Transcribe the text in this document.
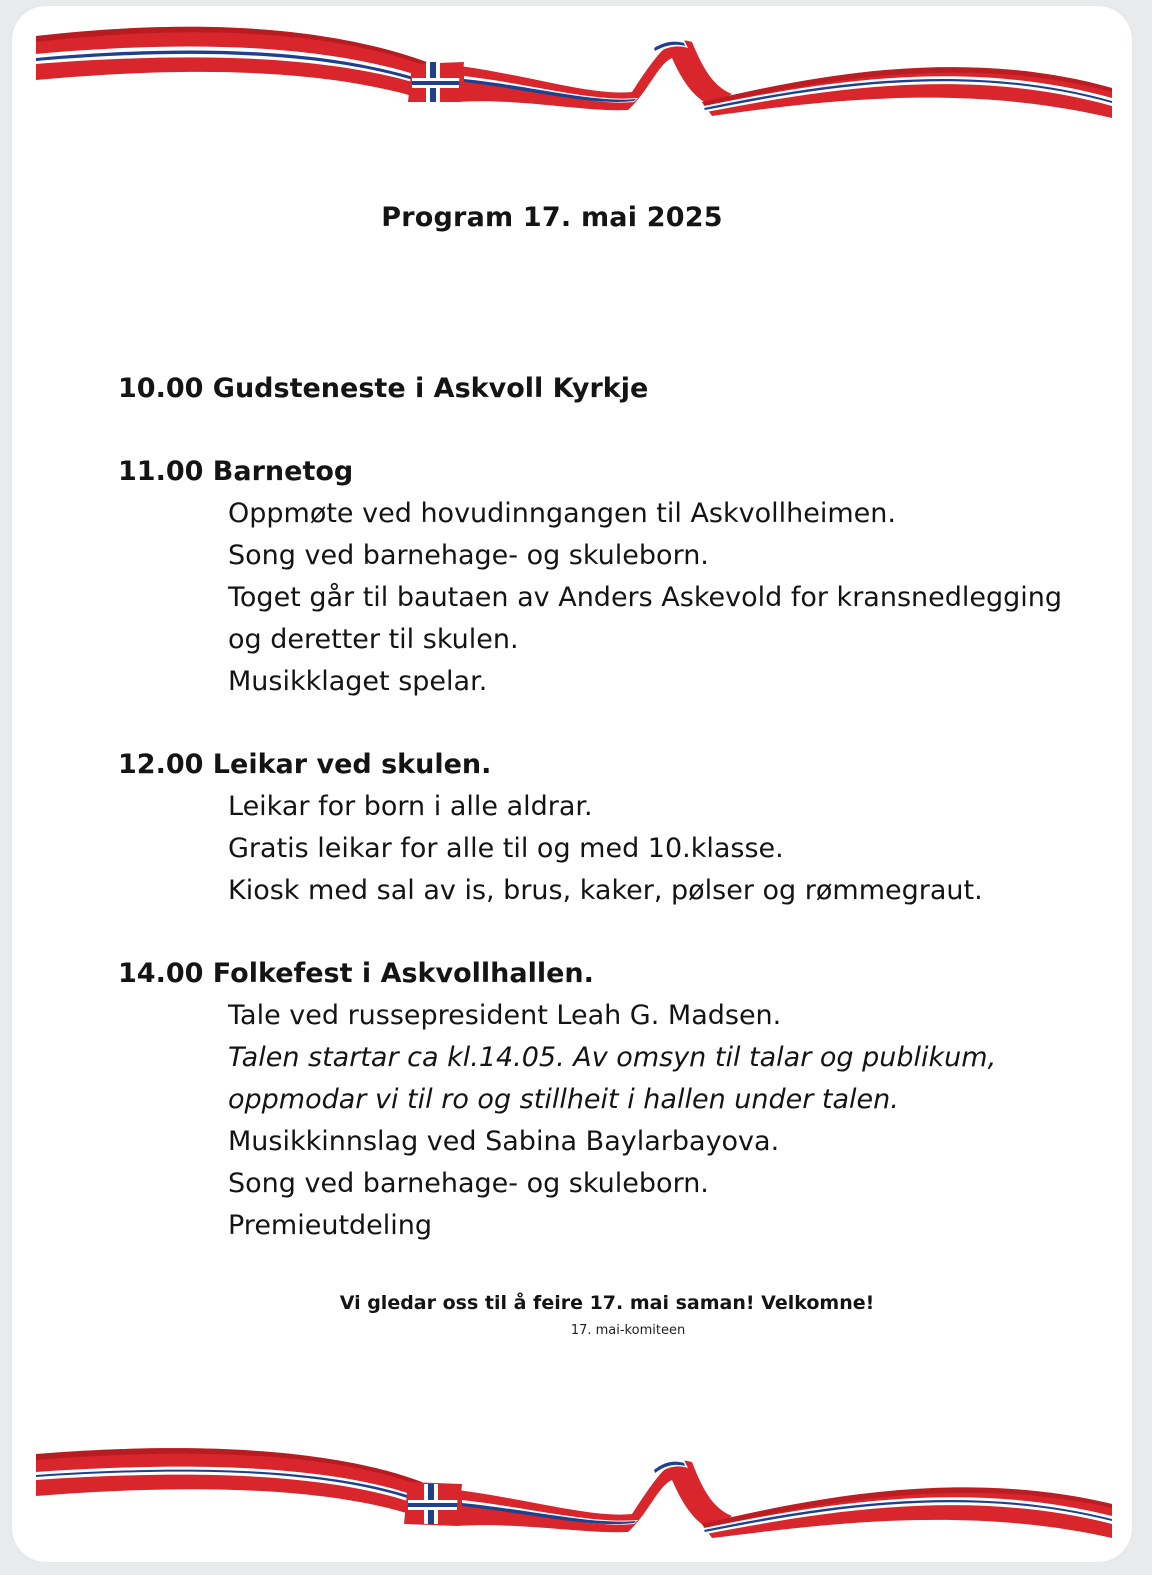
Program 17. mai 2025

10.00 Gudsteneste i Askvoll Kyrkje

11.00 Barnetog

Oppmøte ved hovudinngangen til Askvollheimen.
Song ved barnehage- og skuleborn.
Toget går til bautaen av Anders Askevold for kransnedlegging
og deretter til skulen.
Musikklaget spelar.

12.00 Leikar ved skulen.

Leikar for born i alle aldrar.
Gratis leikar for alle til og med 10.klasse.
Kiosk med sal av is, brus, kaker, pølser og rømmegraut.

14.00 Folkefest i Askvollhallen.

Tale ved russepresident Leah G. Madsen.
Talen startar ca kl.14.05. Av omsyn til talar og publikum,
oppmodar vi til ro og stillheit i hallen under talen.
Musikkinnslag ved Sabina Baylarbayova.
Song ved barnehage- og skuleborn.
Premieutdeling
Vi gledar oss til å feire 17. mai saman! Velkomne!
17. mai-komiteen
